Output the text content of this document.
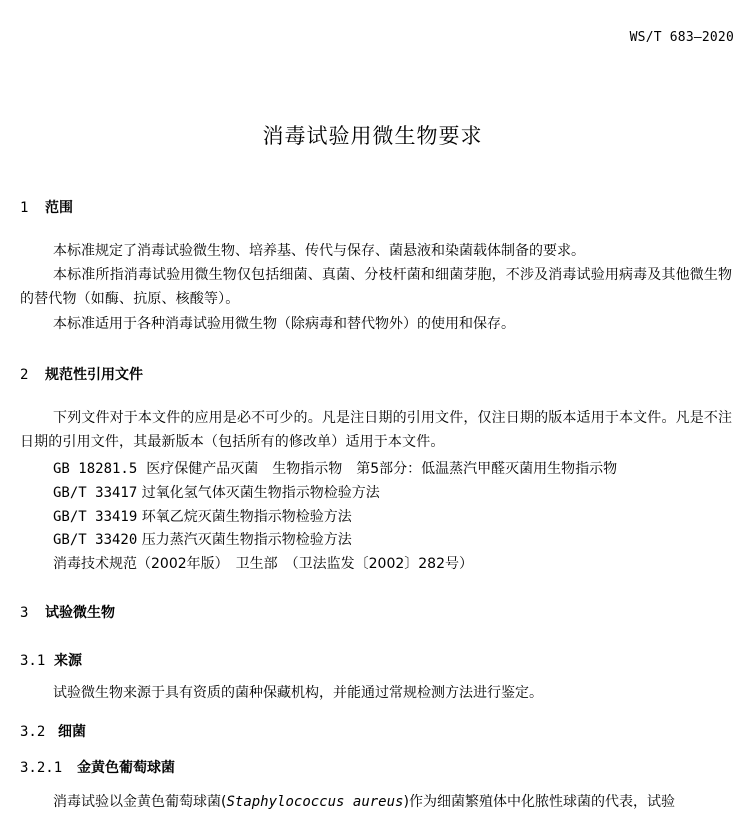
WS/T 683—2020
消毒试验用微生物要求
1 范围
本标准规定了消毒试验微生物、培养基、传代与保存、菌悬液和染菌载体制备的要求。
本标准所指消毒试验用微生物仅包括细菌、真菌、分枝杆菌和细菌芽胞，不涉及消毒试验用病毒及其他微生物的替代物（如酶、抗原、核酸等）。
本标准适用于各种消毒试验用微生物（除病毒和替代物外）的使用和保存。
2 规范性引用文件
下列文件对于本文件的应用是必不可少的。凡是注日期的引用文件，仅注日期的版本适用于本文件。凡是不注日期的引用文件，其最新版本（包括所有的修改单）适用于本文件。
GB 18281.5 医疗保健产品灭菌　生物指示物　第5部分：低温蒸汽甲醛灭菌用生物指示物
GB/T 33417 过氧化氢气体灭菌生物指示物检验方法
GB/T 33419 环氧乙烷灭菌生物指示物检验方法
GB/T 33420 压力蒸汽灭菌生物指示物检验方法
消毒技术规范（2002年版）　卫生部　（卫法监发〔2002〕282号）
3 试验微生物
3.1 来源
试验微生物来源于具有资质的菌种保藏机构，并能通过常规检测方法进行鉴定。
3.2 细菌
3.2.1 金黄色葡萄球菌
消毒试验以金黄色葡萄球菌(Staphylococcus aureus)作为细菌繁殖体中化脓性球菌的代表，试验
